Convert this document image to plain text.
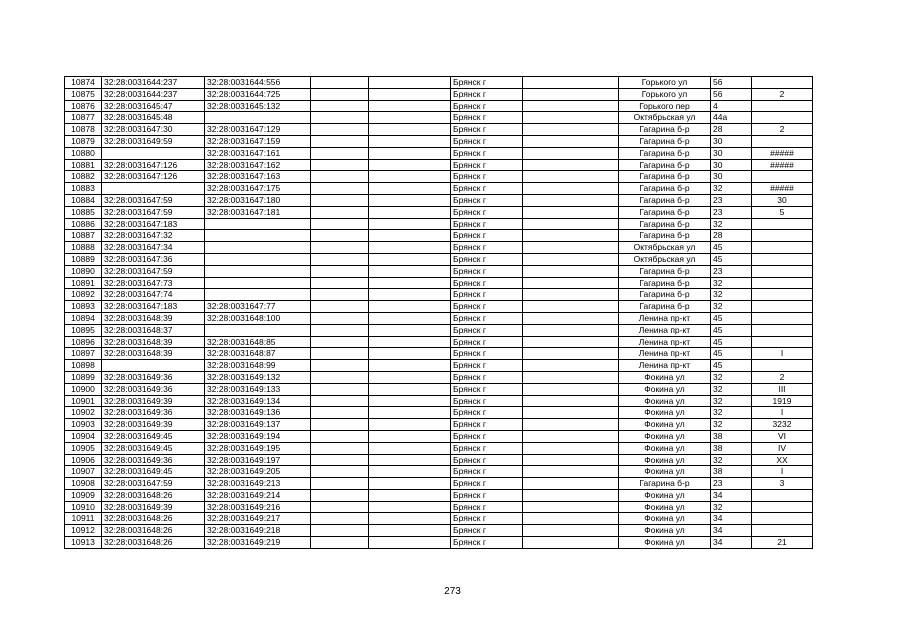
10874	32:28:0031644:237	32:28:0031644:556			Брянск г		Горького ул	56	
10875	32:28:0031644:237	32:28:0031644:725			Брянск г		Горького ул	56	2
10876	32:28:0031645:47	32:28:0031645:132			Брянск г		Горького пер	4	
10877	32:28:0031645:48				Брянск г		Октябрьская ул	44а	
10878	32:28:0031647:30	32:28:0031647:129			Брянск г		Гагарина б-р	28	2
10879	32:28:0031649:59	32:28:0031647:159			Брянск г		Гагарина б-р	30	
10880		32:28:0031647:161			Брянск г		Гагарина б-р	30	#####
10881	32:28:0031647:126	32:28:0031647:162			Брянск г		Гагарина б-р	30	#####
10882	32:28:0031647:126	32:28:0031647:163			Брянск г		Гагарина б-р	30	
10883		32:28:0031647:175			Брянск г		Гагарина б-р	32	#####
10884	32:28:0031647:59	32:28:0031647:180			Брянск г		Гагарина б-р	23	30
10885	32:28:0031647:59	32:28:0031647:181			Брянск г		Гагарина б-р	23	5
10886	32:28:0031647:183				Брянск г		Гагарина б-р	32	
10887	32:28:0031647:32				Брянск г		Гагарина б-р	28	
10888	32:28:0031647:34				Брянск г		Октябрьская ул	45	
10889	32:28:0031647:36				Брянск г		Октябрьская ул	45	
10890	32:28:0031647:59				Брянск г		Гагарина б-р	23	
10891	32:28:0031647:73				Брянск г		Гагарина б-р	32	
10892	32:28:0031647:74				Брянск г		Гагарина б-р	32	
10893	32:28:0031647:183	32:28:0031647:77			Брянск г		Гагарина б-р	32	
10894	32:28:0031648:39	32:28:0031648:100			Брянск г		Ленина пр-кт	45	
10895	32:28:0031648:37				Брянск г		Ленина пр-кт	45	
10896	32:28:0031648:39	32:28:0031648:85			Брянск г		Ленина пр-кт	45	
10897	32:28:0031648:39	32:28:0031648:87			Брянск г		Ленина пр-кт	45	I
10898		32:28:0031648:99			Брянск г		Ленина пр-кт	45	
10899	32:28:0031649:36	32:28:0031649:132			Брянск г		Фокина ул	32	2
10900	32:28:0031649:36	32:28:0031649:133			Брянск г		Фокина ул	32	III
10901	32:28:0031649:39	32:28:0031649:134			Брянск г		Фокина ул	32	1919
10902	32:28:0031649:36	32:28:0031649:136			Брянск г		Фокина ул	32	I
10903	32:28:0031649:39	32:28:0031649:137			Брянск г		Фокина ул	32	3232
10904	32:28:0031649:45	32:28:0031649:194			Брянск г		Фокина ул	38	VI
10905	32:28:0031649:45	32:28:0031649:195			Брянск г		Фокина ул	38	IV
10906	32:28:0031649:36	32:28:0031649:197			Брянск г		Фокина ул	32	XX
10907	32:28:0031649:45	32:28:0031649:205			Брянск г		Фокина ул	38	I
10908	32:28:0031647:59	32:28:0031649:213			Брянск г		Гагарина б-р	23	3
10909	32:28:0031648:26	32:28:0031649:214			Брянск г		Фокина ул	34	
10910	32:28:0031649:39	32:28:0031649:216			Брянск г		Фокина ул	32	
10911	32:28:0031648:26	32:28:0031649:217			Брянск г		Фокина ул	34	
10912	32:28:0031648:26	32:28:0031649:218			Брянск г		Фокина ул	34	
10913	32:28:0031648:26	32:28:0031649:219			Брянск г		Фокина ул	34	21
273
